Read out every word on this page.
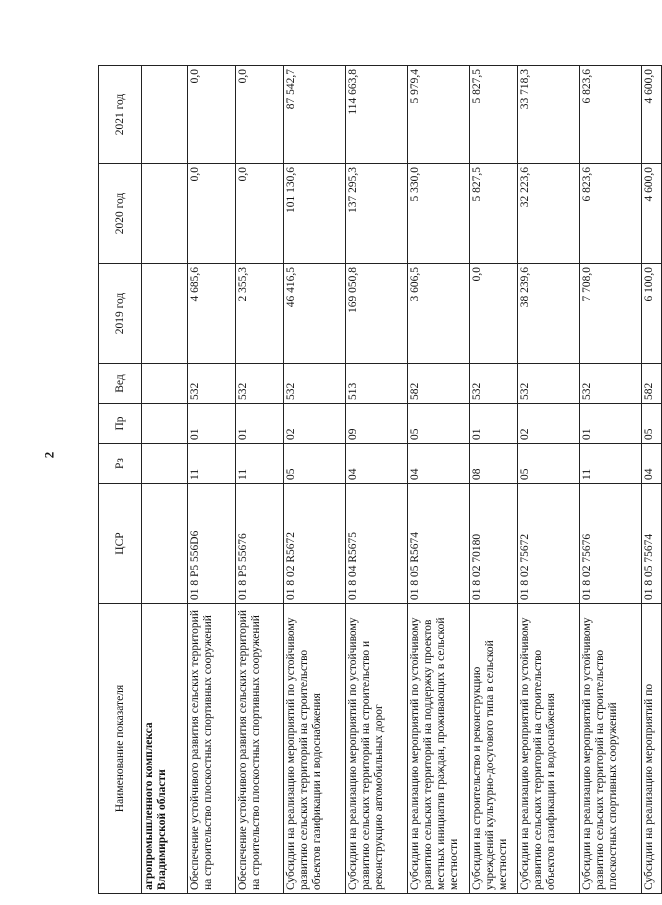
2
Наименование показателя	ЦСР	Рз	Пр	Вед	2019 год	2020 год	2021 год

агропромышленного комплекса Владимирской области							

Обеспечение устойчивого развития сельских территорий на строительство плоскостных спортивных сооружений	01 8 P5 556D6	11	01	532	4 685,6	0,0	0,0
Обеспечение устойчивого развития сельских территорий на строительство плоскостных спортивных сооружений	01 8 P5 55676	11	01	532	2 355,3	0,0	0,0
Субсидии на реализацию мероприятий по устойчивому развитию сельских территорий на строительство объектов газификации и водоснабжения	01 8 02 R5672	05	02	532	46 416,5	101 130,6	87 542,7
Субсидии на реализацию мероприятий по устойчивому развитию сельских территорий на строительство и реконструкцию автомобильных дорог	01 8 04 R5675	04	09	513	169 050,8	137 295,3	114 663,8
Субсидии на реализацию мероприятий по устойчивому развитию сельских территорий на поддержку проектов местных инициатив граждан, проживающих в сельской местности	01 8 05 R5674	04	05	582	3 606,5	5 330,0	5 979,4
Субсидии на строительство и реконструкцию учреждений культурно-досугового типа в сельской местности	01 8 02 70180	08	01	532	0,0	5 827,5	5 827,5
Субсидии на реализацию мероприятий по устойчивому развитию сельских территорий на строительство объектов газификации и водоснабжения	01 8 02 75672	05	02	532	38 239,6	32 223,6	33 718,3
Субсидии на реализацию мероприятий по устойчивому развитию сельских территорий на строительство плоскостных спортивных сооружений	01 8 02 75676	11	01	532	7 708,0	6 823,6	6 823,6
Субсидии на реализацию мероприятий по	01 8 05 75674	04	05	582	6 100,0	4 600,0	4 600,0
